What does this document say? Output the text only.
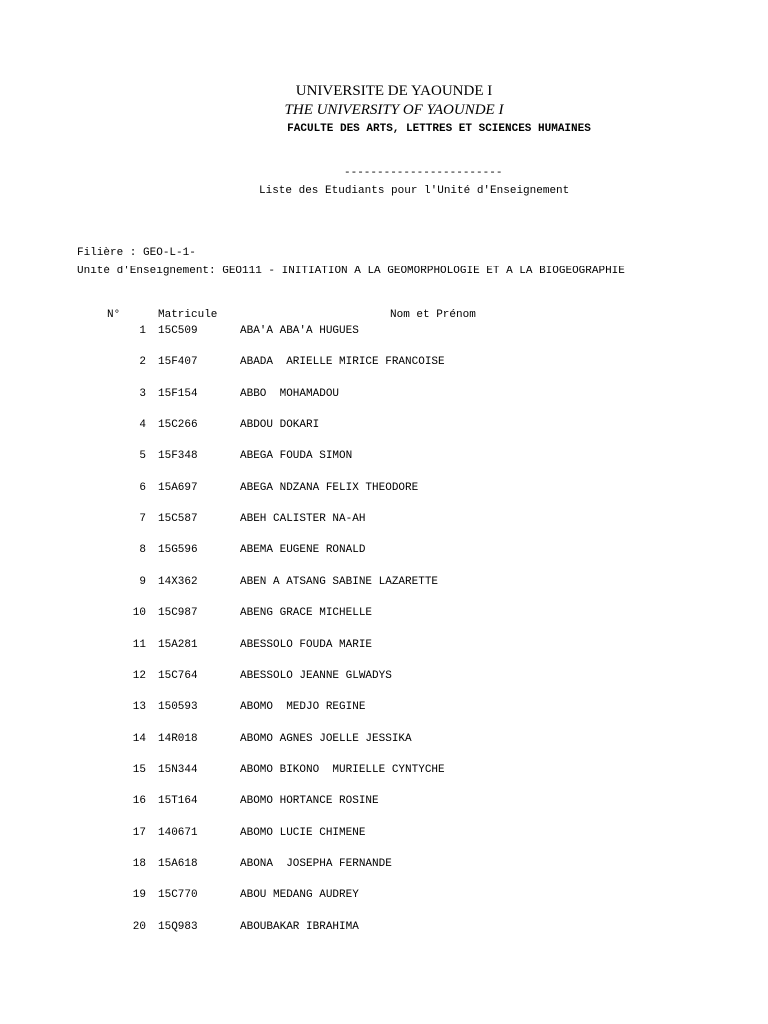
UNIVERSITE DE YAOUNDE I
THE UNIVERSITY OF YAOUNDE I
FACULTE DES ARTS, LETTRES ET SCIENCES HUMAINES
------------------------
Liste des Etudiants pour l'Unité d'Enseignement
Filière : GEO-L-1-
Unité d'Enseignement: GEO111 - INITIATION À LA GÉOMORPHOLOGIE ET À LA BIOGÉOGRAPHIE
N°	Matricule	Nom et Prénom
1 15C509	ABA'A ABA'A HUGUES
2 15F407	ABADA  ARIELLE MIRICE FRANCOISE
3 15F154	ABBO  MOHAMADOU
4 15C266	ABDOU DOKARI
5 15F348	ABEGA FOUDA SIMON
6 15A697	ABEGA NDZANA FELIX THEODORE
7 15C587	ABEH CALISTER NA-AH
8 15G596	ABEMA EUGENE RONALD
9 14X362	ABEN A ATSANG SABINE LAZARETTE
10 15C987	ABENG GRACE MICHELLE
11 15A281	ABESSOLO FOUDA MARIE
12 15C764	ABESSOLO JEANNE GLWADYS
13 150593	ABOMO  MEDJO REGINE
14 14R018	ABOMO AGNES JOELLE JESSIKA
15 15N344	ABOMO BIKONO  MURIELLE CYNTYCHE
16 15T164	ABOMO HORTANCE ROSINE
17 140671	ABOMO LUCIE CHIMENE
18 15A618	ABONA  JOSEPHA FERNANDE
19 15C770	ABOU MEDANG AUDREY
20 15Q983	ABOUBAKAR IBRAHIMA
